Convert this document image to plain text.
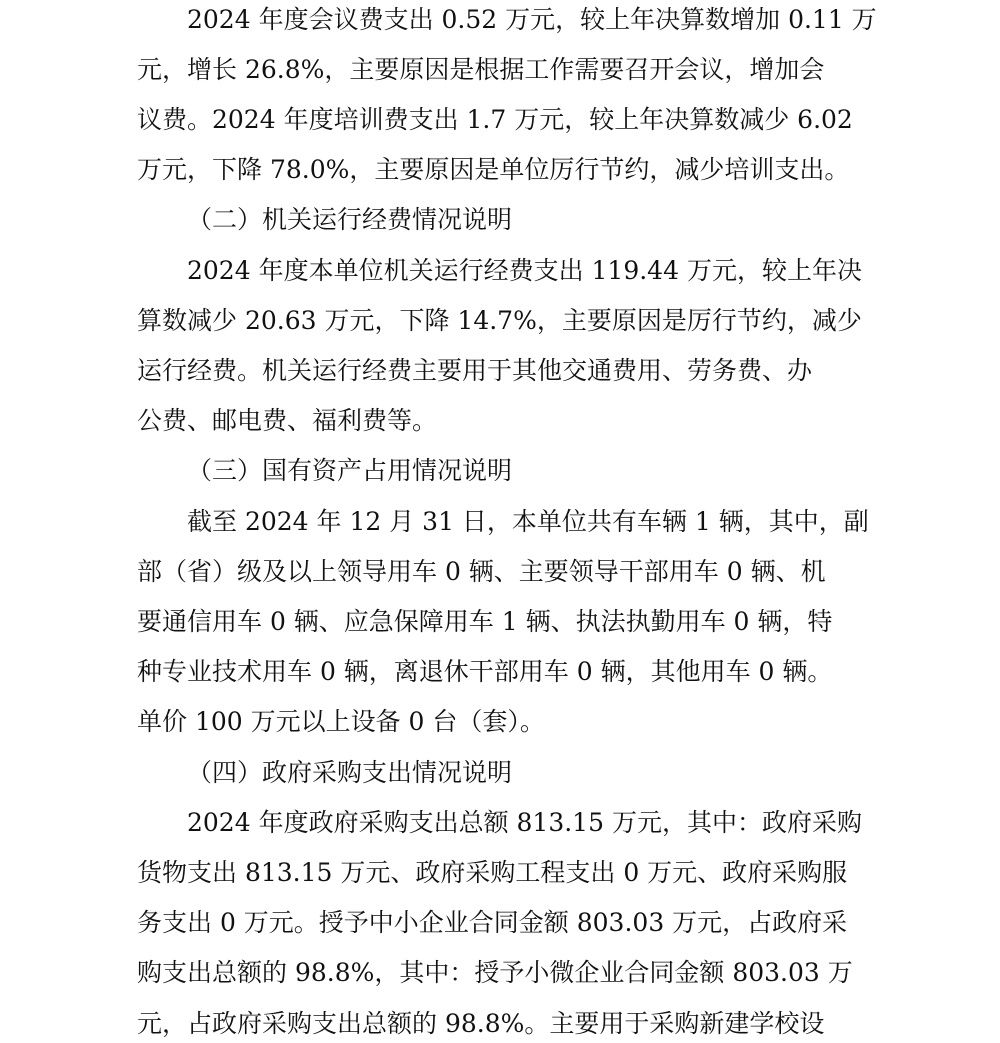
2024 年度会议费支出 0.52 万元，较上年决算数增加 0.11 万
元，增长 26.8%，主要原因是根据工作需要召开会议，增加会
议费。2024 年度培训费支出 1.7 万元，较上年决算数减少 6.02
万元，下降 78.0%，主要原因是单位厉行节约，减少培训支出。
（二）机关运行经费情况说明
2024 年度本单位机关运行经费支出 119.44 万元，较上年决
算数减少 20.63 万元，下降 14.7%，主要原因是厉行节约，减少
运行经费。机关运行经费主要用于其他交通费用、劳务费、办
公费、邮电费、福利费等。
（三）国有资产占用情况说明
截至 2024 年 12 月 31 日，本单位共有车辆 1 辆，其中，副
部（省）级及以上领导用车 0 辆、主要领导干部用车 0 辆、机
要通信用车 0 辆、应急保障用车 1 辆、执法执勤用车 0 辆，特
种专业技术用车 0 辆，离退休干部用车 0 辆，其他用车 0 辆。
单价 100 万元以上设备 0 台（套）。
（四）政府采购支出情况说明
2024 年度政府采购支出总额 813.15 万元，其中：政府采购
货物支出 813.15 万元、政府采购工程支出 0 万元、政府采购服
务支出 0 万元。授予中小企业合同金额 803.03 万元，占政府采
购支出总额的 98.8%，其中：授予小微企业合同金额 803.03 万
元，占政府采购支出总额的 98.8%。主要用于采购新建学校设
